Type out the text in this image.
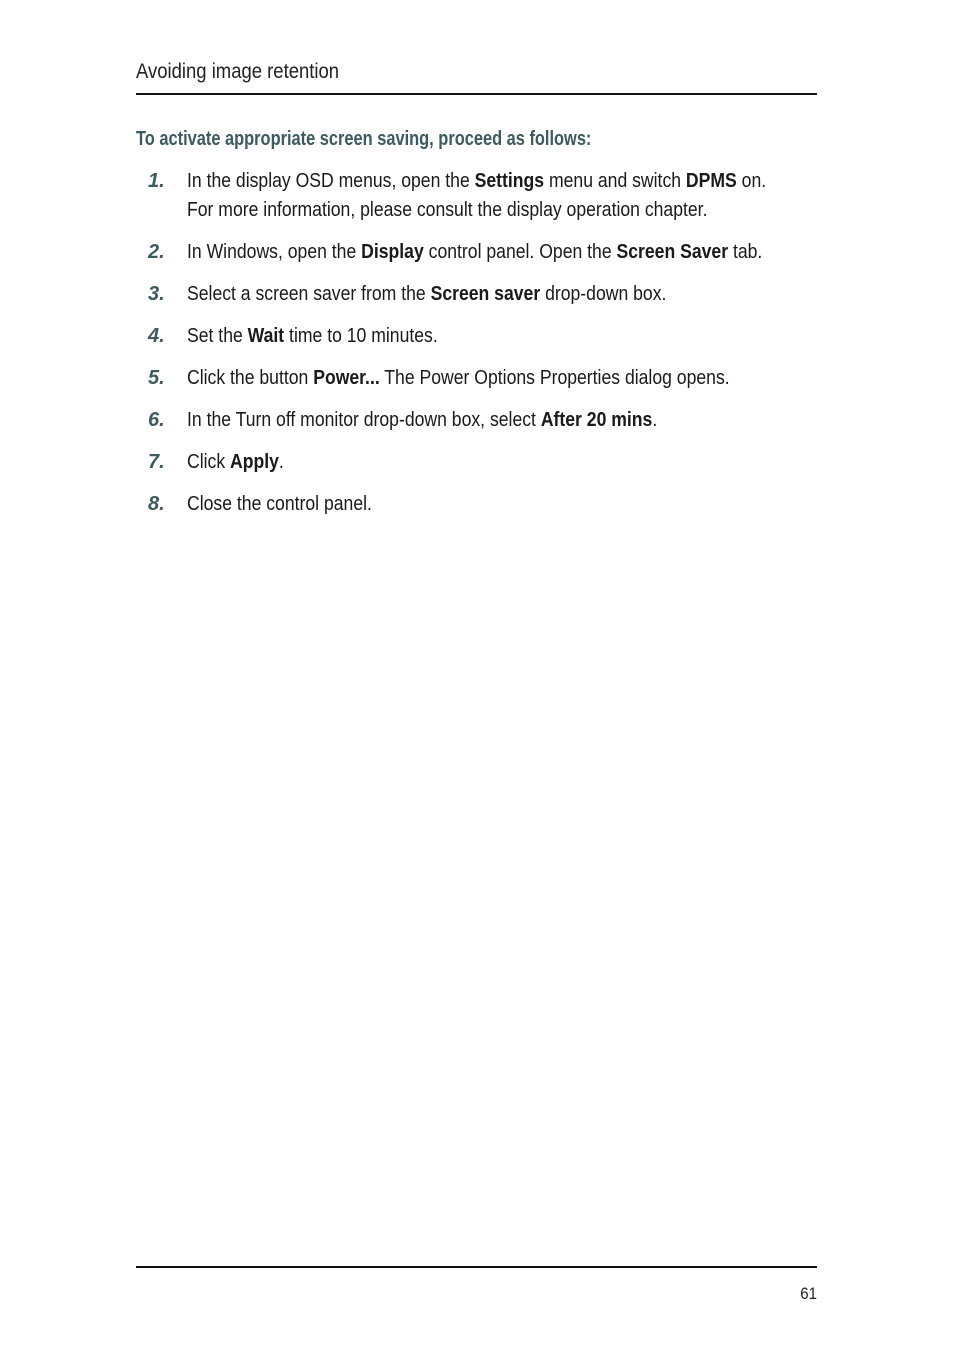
Avoiding image retention
To activate appropriate screen saving, proceed as follows:
1. In the display OSD menus, open the Settings menu and switch DPMS on. For more information, please consult the display operation chapter.
2. In Windows, open the Display control panel. Open the Screen Saver tab.
3. Select a screen saver from the Screen saver drop-down box.
4. Set the Wait time to 10 minutes.
5. Click the button Power... The Power Options Properties dialog opens.
6. In the Turn off monitor drop-down box, select After 20 mins.
7. Click Apply.
8. Close the control panel.
61
